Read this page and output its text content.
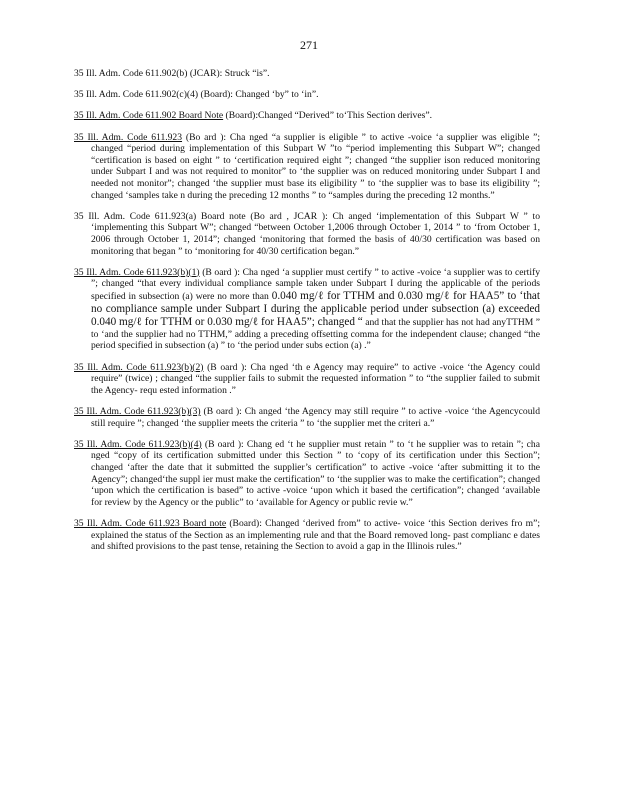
271

35 Ill. Adm. Code 611.902(b) (JCAR): Struck “is”.

35 Ill. Adm. Code 611.902(c)(4) (Board): Changed ‘by” to ‘in”.

35 Ill. Adm. Code 611.902 Board Note (Board):Changed “Derived” to‘This Section derives”.

35 Ill. Adm. Code 611.923 (Bo ard ): Cha nged “a supplier is eligible ” to active -voice ‘a supplier was eligible ”; changed “period during implementation of this Subpart W ”to “period implementing this Subpart W”; changed “certification is based on eight ” to ‘certification required eight ”; changed “the supplier ison reduced monitoring under Subpart I and was not required to monitor” to ‘the supplier was on reduced monitoring under Subpart I and needed not monitor”; changed ‘the supplier must base its eligibility ” to ‘the supplier was to base its eligibility ”; changed ‘samples take n during the preceding 12 months ” to “samples during the preceding 12 months.”

35 Ill. Adm. Code 611.923(a) Board note (Bo ard , JCAR ): Ch anged ‘implementation of this Subpart W ” to ‘implementing this Subpart W”; changed “between October 1,2006 through October 1, 2014 ” to ‘from October 1, 2006 through October 1, 2014”; changed ‘monitoring that formed the basis of 40/30 certification was based on monitoring that began ” to ‘monitoring for 40/30 certification began.”

35 Ill. Adm. Code 611.923(b)(1) (B oard ): Cha nged ‘a supplier must certify ” to active -voice ‘a supplier was to certify ”; changed “that every individual compliance sample taken under Subpart I during the applicable of the periods specified in subsection (a) were no more than 0.040 mg/ℓ for TTHM and 0.030 mg/ℓ for HAA5” to ‘that no compliance sample under Subpart I during the applicable period under subsection (a) exceeded 0.040 mg/ℓ for TTHM or 0.030 mg/ℓ for HAA5”; changed “ and that the supplier has not had anyTTHM ” to ‘and the supplier had no TTHM,” adding a preceding offsetting comma for the independent clause; changed “the period specified in subsection (a) ” to ‘the period under subs ection (a) .”

35 Ill. Adm. Code 611.923(b)(2) (B oard ): Cha nged ‘th e Agency may require” to active -voice ‘the Agency could require” (twice) ; changed “the supplier fails to submit the requested information ” to “the supplier failed to submit the Agency- requ ested information .”

35 Ill. Adm. Code 611.923(b)(3) (B oard ): Ch anged ‘the Agency may still require ” to active -voice ‘the Agencycould still require ”; changed ‘the supplier meets the criteria ” to ‘the supplier met the criteri a.”

35 Ill. Adm. Code 611.923(b)(4) (B oard ): Chang ed ‘t he supplier must retain ” to ‘t he supplier was to retain ”; cha nged “copy of its certification submitted under this Section ” to ‘copy of its certification under this Section”; changed ‘after the date that it submitted the supplier’s certification” to active -voice ‘after submitting it to the Agency”; changed‘the suppl ier must make the certification” to ‘the supplier was to make the certification”; changed ‘upon which the certification is based” to active -voice ‘upon which it based the certification”; changed ‘available for review by the Agency or the public” to ‘available for Agency or public revie w.”

35 Ill. Adm. Code 611.923 Board note (Board): Changed ‘derived from” to active- voice ‘this Section derives fro m”; explained the status of the Section as an implementing rule and that the Board removed long- past complianc e dates and shifted provisions to the past tense, retaining the Section to avoid a gap in the Illinois rules.”
